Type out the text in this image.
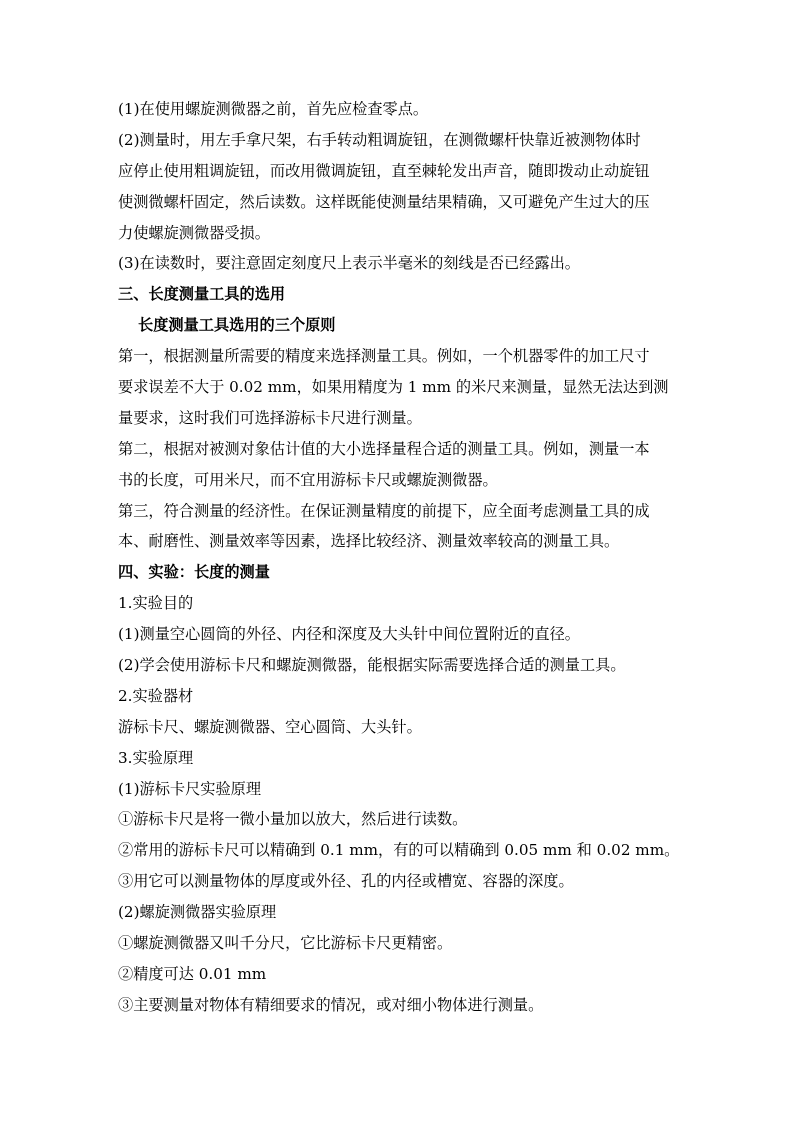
(1)在使用螺旋测微器之前，首先应检查零点。
(2)测量时，用左手拿尺架，右手转动粗调旋钮，在测微螺杆快靠近被测物体时
应停止使用粗调旋钮，而改用微调旋钮，直至棘轮发出声音，随即拨动止动旋钮
使测微螺杆固定，然后读数。这样既能使测量结果精确，又可避免产生过大的压
力使螺旋测微器受损。
(3)在读数时，要注意固定刻度尺上表示半毫米的刻线是否已经露出。
三、长度测量工具的选用
长度测量工具选用的三个原则
第一，根据测量所需要的精度来选择测量工具。例如，一个机器零件的加工尺寸
要求误差不大于 0.02 mm，如果用精度为 1 mm 的米尺来测量，显然无法达到测
量要求，这时我们可选择游标卡尺进行测量。
第二，根据对被测对象估计值的大小选择量程合适的测量工具。例如，测量一本
书的长度，可用米尺，而不宜用游标卡尺或螺旋测微器。
第三，符合测量的经济性。在保证测量精度的前提下，应全面考虑测量工具的成
本、耐磨性、测量效率等因素，选择比较经济、测量效率较高的测量工具。
四、实验：长度的测量
1.实验目的
(1)测量空心圆筒的外径、内径和深度及大头针中间位置附近的直径。
(2)学会使用游标卡尺和螺旋测微器，能根据实际需要选择合适的测量工具。
2.实验器材
游标卡尺、螺旋测微器、空心圆筒、大头针。
3.实验原理
(1)游标卡尺实验原理
①游标卡尺是将一微小量加以放大，然后进行读数。
②常用的游标卡尺可以精确到 0.1 mm，有的可以精确到 0.05 mm 和 0.02 mm。
③用它可以测量物体的厚度或外径、孔的内径或槽宽、容器的深度。
(2)螺旋测微器实验原理
①螺旋测微器又叫千分尺，它比游标卡尺更精密。
②精度可达 0.01 mm
③主要测量对物体有精细要求的情况，或对细小物体进行测量。
